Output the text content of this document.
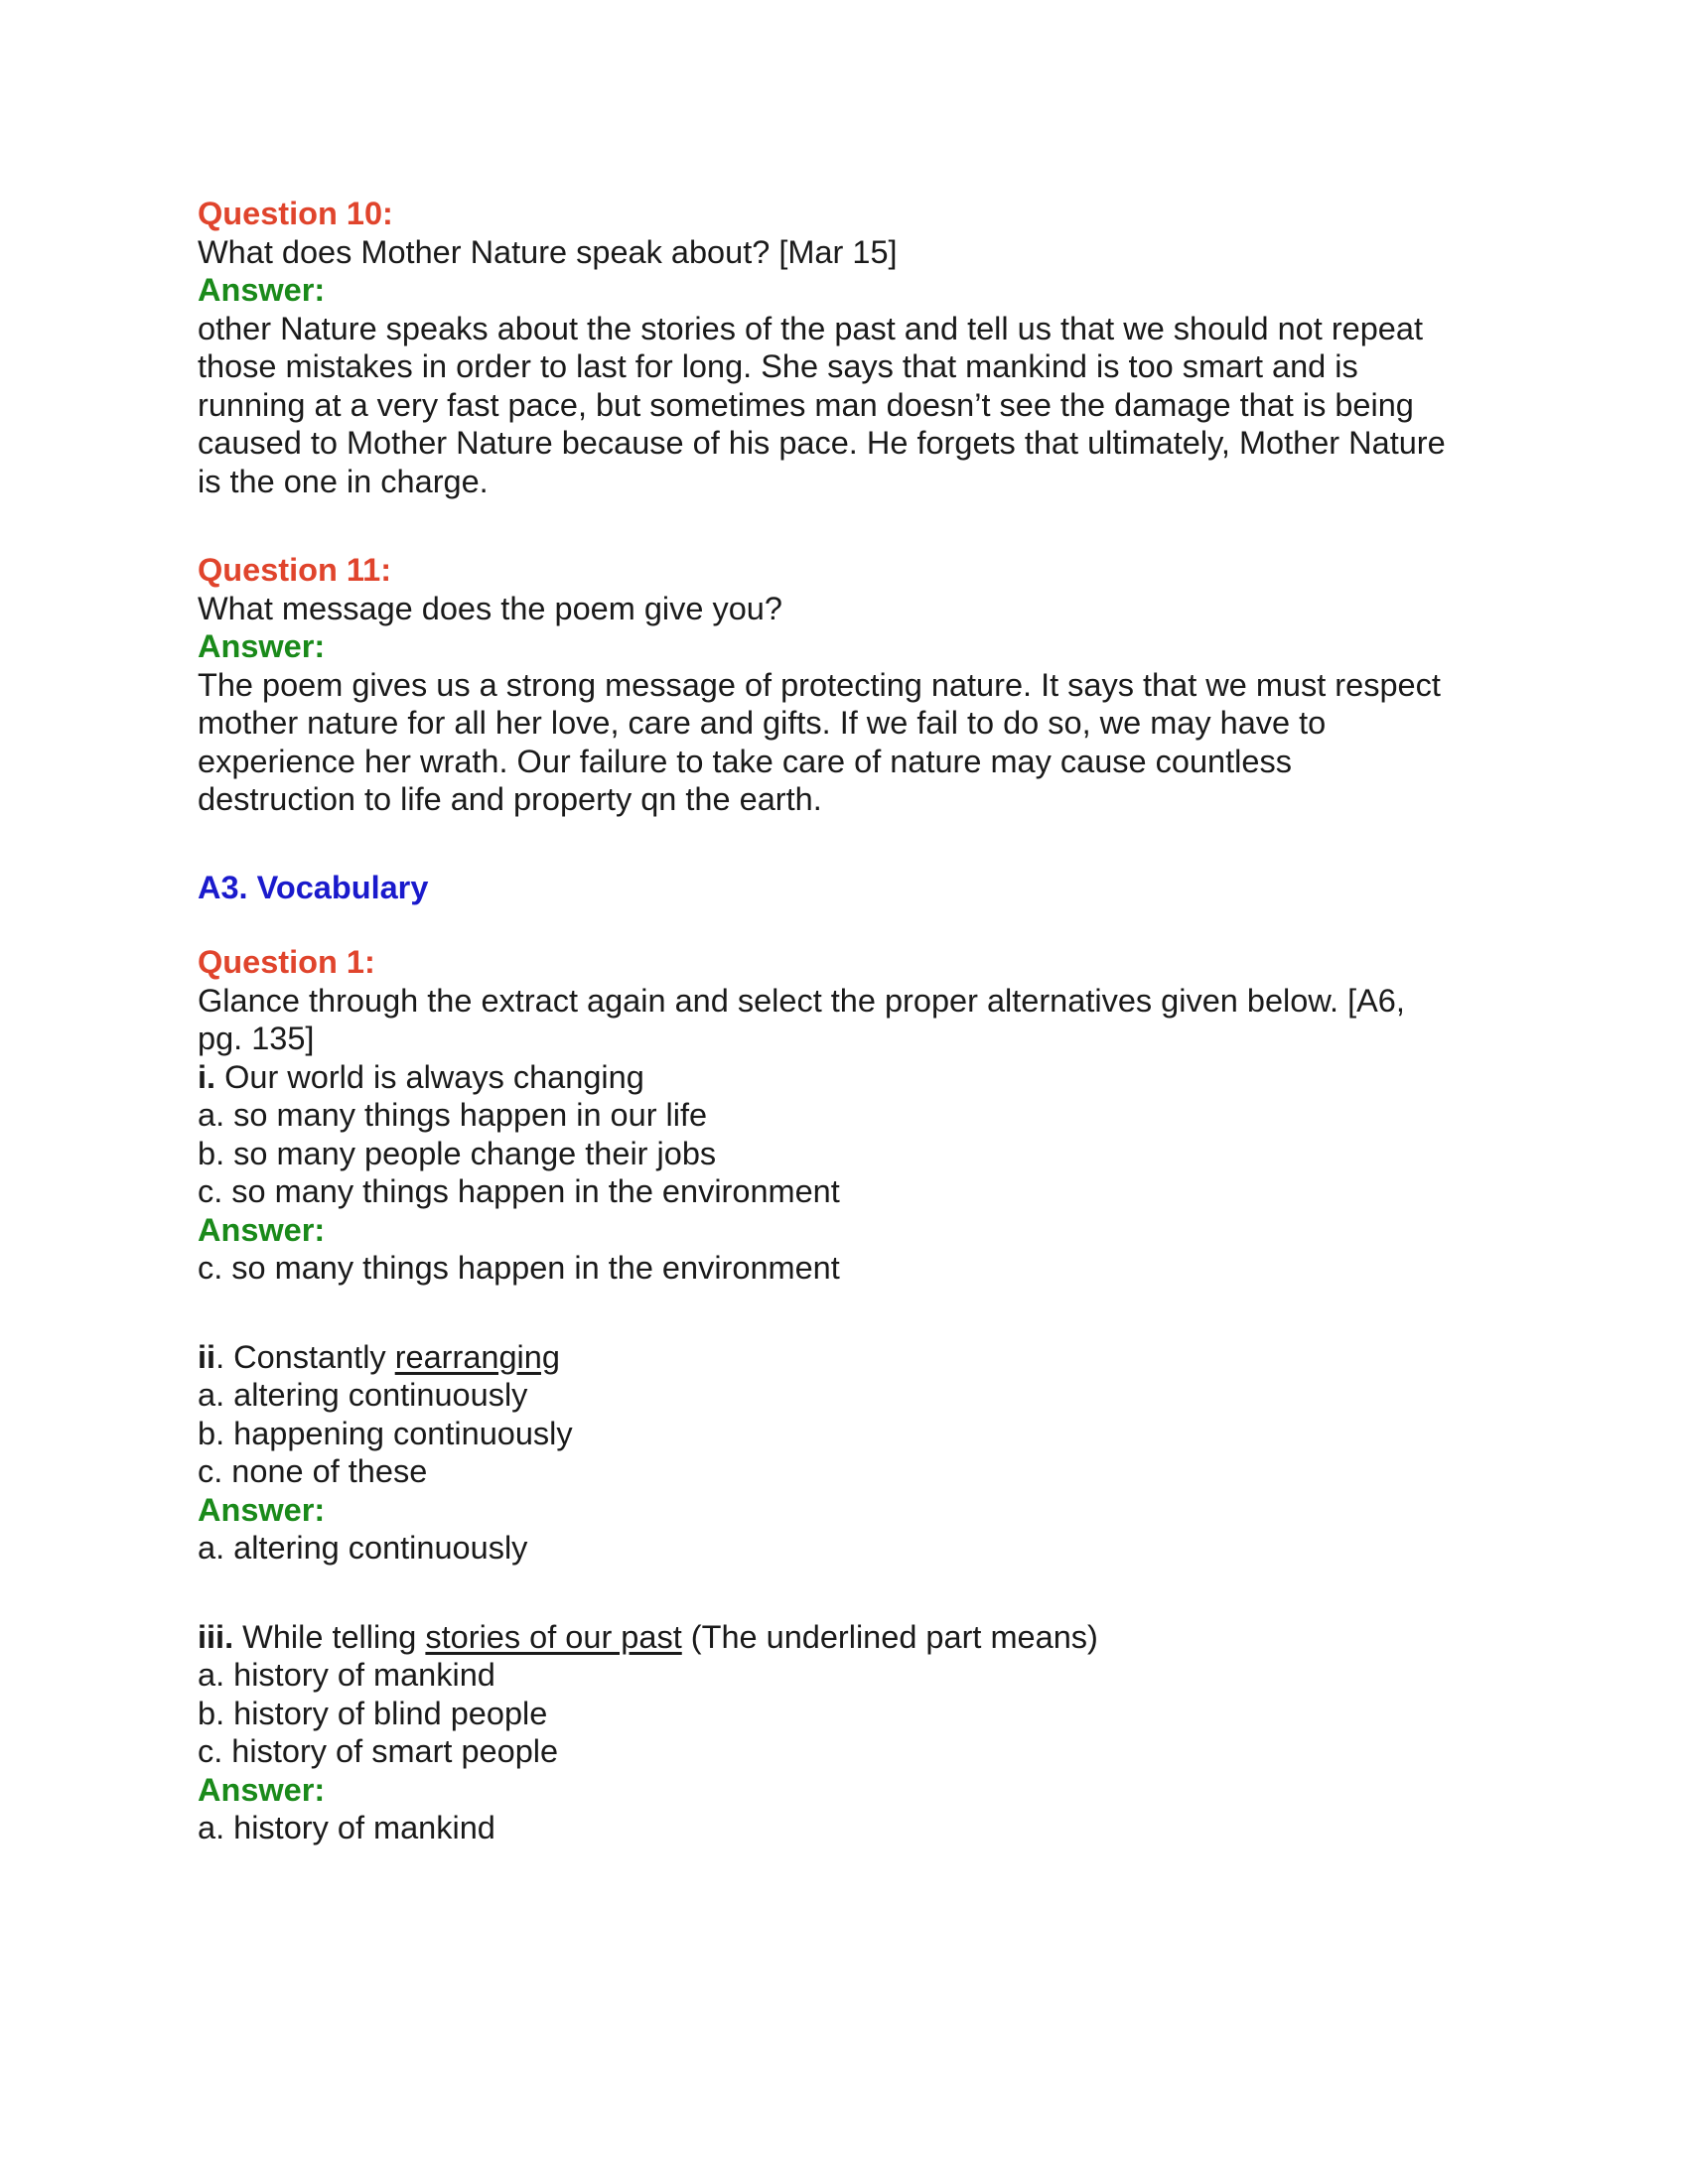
Question 10:
What does Mother Nature speak about? [Mar 15]
Answer:
other Nature speaks about the stories of the past and tell us that we should not repeat
those mistakes in order to last for long. She says that mankind is too smart and is
running at a very fast pace, but sometimes man doesn’t see the damage that is being
caused to Mother Nature because of his pace. He forgets that ultimately, Mother Nature
is the one in charge.
Question 11:
What message does the poem give you?
Answer:
The poem gives us a strong message of protecting nature. It says that we must respect
mother nature for all her love, care and gifts. If we fail to do so, we may have to
experience her wrath. Our failure to take care of nature may cause countless
destruction to life and property qn the earth.
A3. Vocabulary
Question 1:
Glance through the extract again and select the proper alternatives given below. [A6,
pg. 135]
i. Our world is always changing
a. so many things happen in our life
b. so many people change their jobs
c. so many things happen in the environment
Answer:
c. so many things happen in the environment
ii. Constantly rearranging
a. altering continuously
b. happening continuously
c. none of these
Answer:
a. altering continuously
iii. While telling stories of our past (The underlined part means)
a. history of mankind
b. history of blind people
c. history of smart people
Answer:
a. history of mankind
